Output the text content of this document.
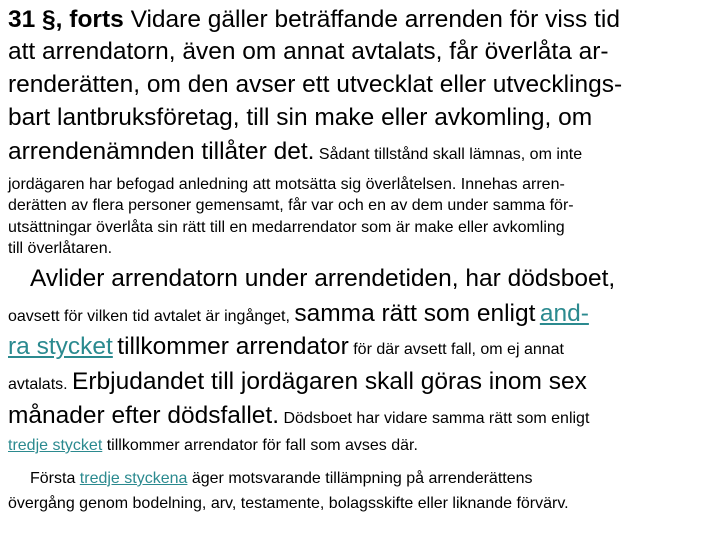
31 §, forts Vidare gäller beträffande arrenden för viss tid
att arrendatorn, även om annat avtalats, får överlåta ar-
renderätten, om den avser ett utvecklat eller utvecklings-
bart lantbruksföretag, till sin make eller avkomling, om
arrendenämnden tillåter det. Sådant tillstånd skall lämnas, om inte
jordägaren har befogad anledning att motsätta sig överlåtelsen. Innehas arren-
derätten av flera personer gemensamt, får var och en av dem under samma för-
utsättningar överlåta sin rätt till en medarrendator som är make eller avkomling
till överlåtaren.
Avlider arrendatorn under arrendetiden, har dödsboet,
oavsett för vilken tid avtalet är ingånget, samma rätt som enligt and-
ra stycket tillkommer arrendator för där avsett fall, om ej annat
avtalats. Erbjudandet till jordägaren skall göras inom sex
månader efter dödsfallet. Dödsboet har vidare samma rätt som enligt
tredje stycket tillkommer arrendator för fall som avses där.
Första tredje styckena äger motsvarande tillämpning på arrenderättens
övergång genom bodelning, arv, testamente, bolagsskifte eller liknande förvärv.
